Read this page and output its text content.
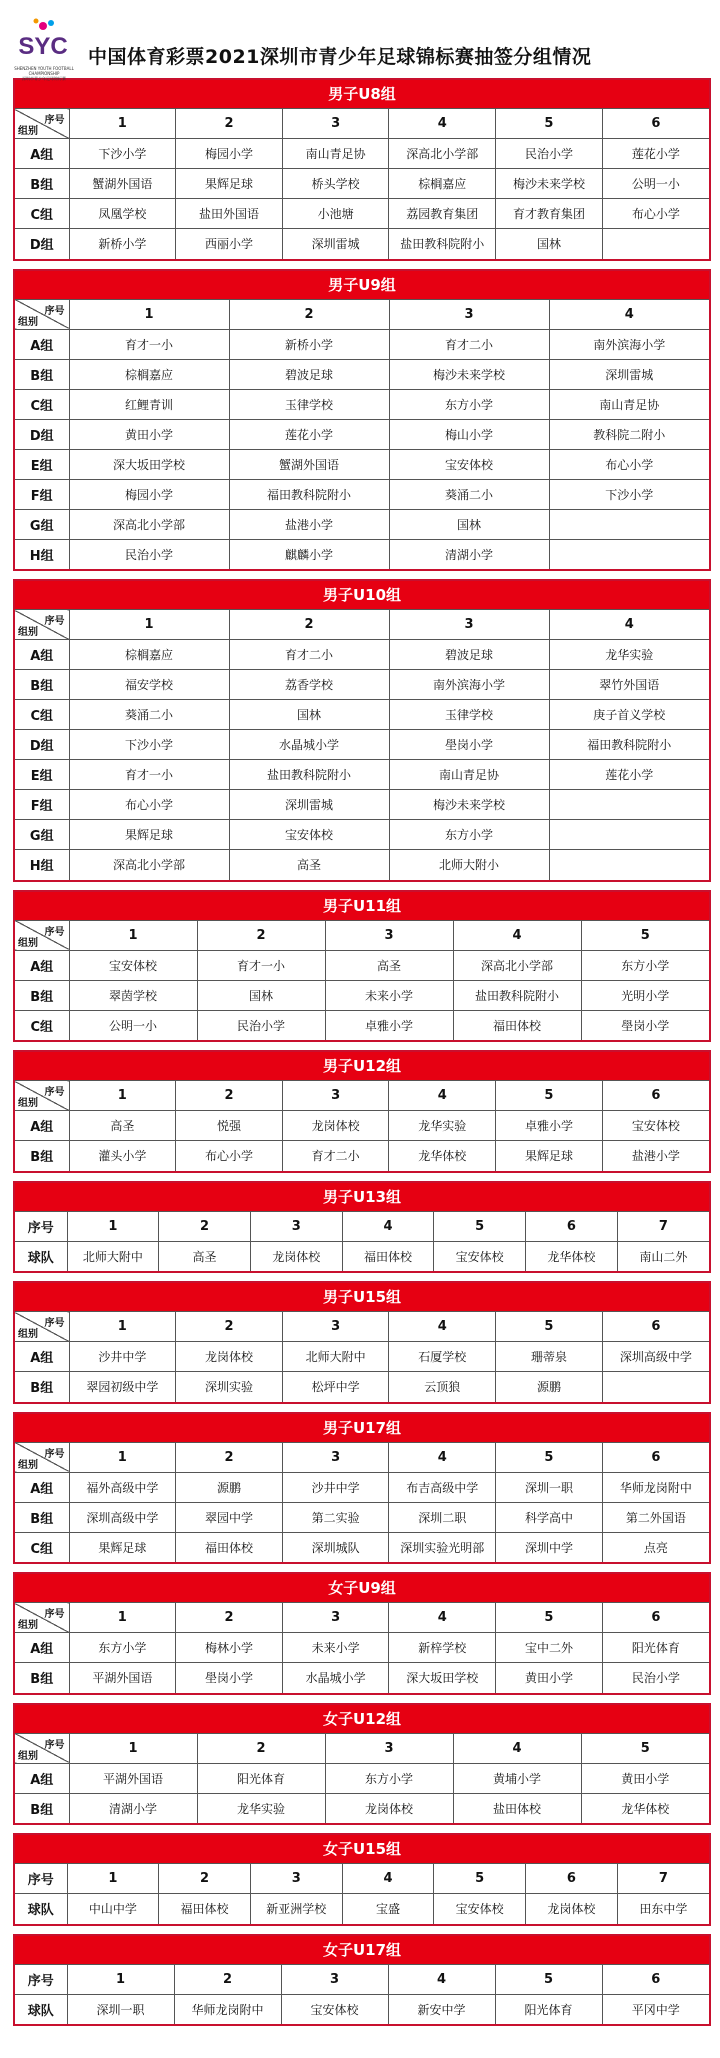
SYC
SHENZHEN YOUTH FOOTBALL
CHAMPIONSHIP
深圳市青少年足球锦标赛
中国体育彩票2021深圳市青少年足球锦标赛抽签分组情况
男子U8组
序号
组别	1	2	3	4	5	6
A组	下沙小学	梅园小学	南山青足协	深高北小学部	民治小学	莲花小学
B组	蟹湖外国语	果辉足球	桥头学校	棕榈嘉应	梅沙未来学校	公明一小
C组	凤凰学校	盐田外国语	小池塘	荔园教育集团	育才教育集团	布心小学
D组	新桥小学	西丽小学	深圳雷城	盐田教科院附小	国林	
男子U9组
序号
组别	1	2	3	4
A组	育才一小	新桥小学	育才二小	南外滨海小学
B组	棕榈嘉应	碧波足球	梅沙未来学校	深圳雷城
C组	红鲤青训	玉律学校	东方小学	南山青足协
D组	黄田小学	莲花小学	梅山小学	教科院二附小
E组	深大坂田学校	蟹湖外国语	宝安体校	布心小学
F组	梅园小学	福田教科院附小	葵涌二小	下沙小学
G组	深高北小学部	盐港小学	国林	
H组	民治小学	麒麟小学	清湖小学	
男子U10组
序号
组别	1	2	3	4
A组	棕榈嘉应	育才二小	碧波足球	龙华实验
B组	福安学校	荔香学校	南外滨海小学	翠竹外国语
C组	葵涌二小	国林	玉律学校	庚子首义学校
D组	下沙小学	水晶城小学	壆岗小学	福田教科院附小
E组	育才一小	盐田教科院附小	南山青足协	莲花小学
F组	布心小学	深圳雷城	梅沙未来学校	
G组	果辉足球	宝安体校	东方小学	
H组	深高北小学部	高圣	北师大附小	
男子U11组
序号
组别	1	2	3	4	5
A组	宝安体校	育才一小	高圣	深高北小学部	东方小学
B组	翠茵学校	国林	未来小学	盐田教科院附小	光明小学
C组	公明一小	民治小学	卓雅小学	福田体校	壆岗小学
男子U12组
序号
组别	1	2	3	4	5	6
A组	高圣	悦强	龙岗体校	龙华实验	卓雅小学	宝安体校
B组	灌头小学	布心小学	育才二小	龙华体校	果辉足球	盐港小学
男子U13组
序号	1	2	3	4	5	6	7
球队	北师大附中	高圣	龙岗体校	福田体校	宝安体校	龙华体校	南山二外
男子U15组
序号
组别	1	2	3	4	5	6
A组	沙井中学	龙岗体校	北师大附中	石厦学校	珊蒂泉	深圳高级中学
B组	翠园初级中学	深圳实验	松坪中学	云顶狼	源鹏	
男子U17组
序号
组别	1	2	3	4	5	6
A组	福外高级中学	源鹏	沙井中学	布吉高级中学	深圳一职	华师龙岗附中
B组	深圳高级中学	翠园中学	第二实验	深圳二职	科学高中	第二外国语
C组	果辉足球	福田体校	深圳城队	深圳实验光明部	深圳中学	点亮
女子U9组
序号
组别	1	2	3	4	5	6
A组	东方小学	梅林小学	未来小学	新梓学校	宝中二外	阳光体育
B组	平湖外国语	壆岗小学	水晶城小学	深大坂田学校	黄田小学	民治小学
女子U12组
序号
组别	1	2	3	4	5
A组	平湖外国语	阳光体育	东方小学	黄埔小学	黄田小学
B组	清湖小学	龙华实验	龙岗体校	盐田体校	龙华体校
女子U15组
序号	1	2	3	4	5	6	7
球队	中山中学	福田体校	新亚洲学校	宝盛	宝安体校	龙岗体校	田东中学
女子U17组
序号	1	2	3	4	5	6
球队	深圳一职	华师龙岗附中	宝安体校	新安中学	阳光体育	平冈中学
